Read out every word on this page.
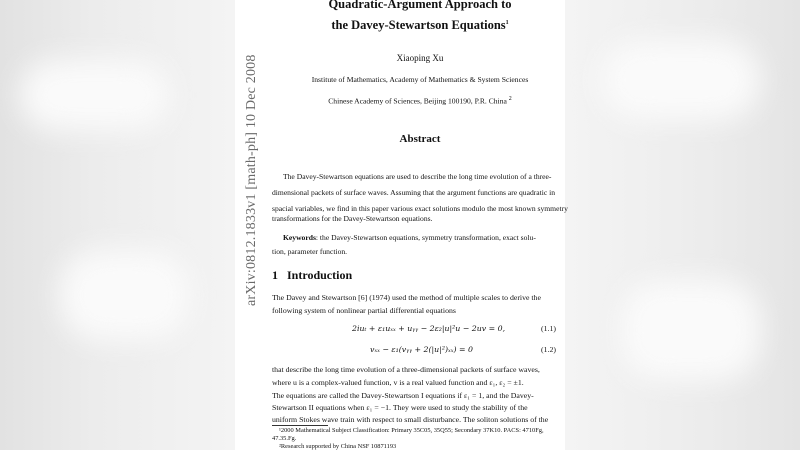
arXiv:0812.1833v1 [math-ph] 10 Dec 2008
Quadratic-Argument Approach to
the Davey-Stewartson Equations$^1$
Xiaoping Xu
Institute of Mathematics, Academy of Mathematics & System Sciences
Chinese Academy of Sciences, Beijing 100190, P.R. China $^2$
Abstract
The Davey-Stewartson equations are used to describe the long time evolution of a three-
dimensional packets of surface waves. Assuming that the argument functions are quadratic in
spacial variables, we find in this paper various exact solutions modulo the most known symmetry
transformations for the Davey-Stewartson equations.
Keywords: the Davey-Stewartson equations, symmetry transformation, exact solu-
tion, parameter function.
1 Introduction
The Davey and Stewartson [6] (1974) used the method of multiple scales to derive the
following system of nonlinear partial differential equations
2iuₜ + ε₁uₓₓ + uᵧᵧ − 2ε₂|u|²u − 2uv = 0,	(1.1)
vₓₓ − ε₁(vᵧᵧ + 2(|u|²)ₓₓ) = 0	(1.2)
that describe the long time evolution of a three-dimensional packets of surface waves,
where u is a complex-valued function, v is a real valued function and ε₁, ε₂ = ±1.
The equations are called the Davey-Stewartson I equations if ε₁ = 1, and the Davey-
Stewartson II equations when ε₁ = −1. They were used to study the stability of the
uniform Stokes wave train with respect to small disturbance. The soliton solutions of the
¹2000 Mathematical Subject Classification: Primary 35C05, 35Q55; Secondary 37K10. PACS: 4710Fg,
47.35.Fg.
²Research supported by China NSF 10871193
